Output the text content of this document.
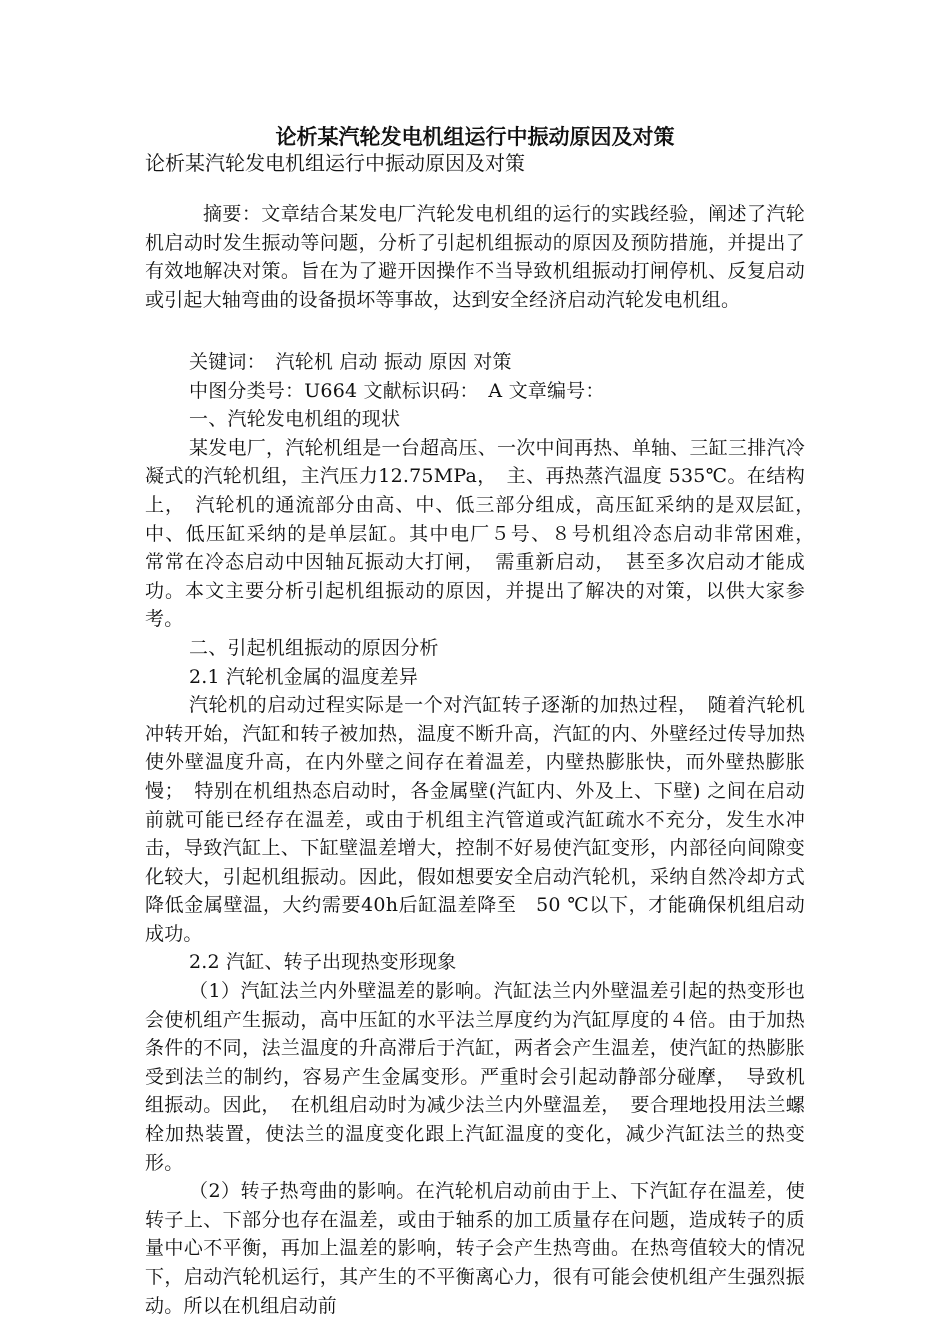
论析某汽轮发电机组运行中振动原因及对策

论析某汽轮发电机组运行中振动原因及对策

摘要：文章结合某发电厂汽轮发电机组的运行的实践经验，阐述了汽轮机启动时发生振动等问题，分析了引起机组振动的原因及预防措施，并提出了有效地解决对策。旨在为了避开因操作不当导致机组振动打闸停机、反复启动或引起大轴弯曲的设备损坏等事故，达到安全经济启动汽轮发电机组。

关键词：　汽轮机 启动 振动 原因 对策
中图分类号：U664 文献标识码：　A 文章编号：
一、汽轮发电机组的现状
某发电厂，汽轮机组是一台超高压、一次中间再热、单轴、三缸三排汽冷凝式的汽轮机组，主汽压力12.75MPa，　主、再热蒸汽温度 535℃。在结构上，　汽轮机的通流部分由高、中、低三部分组成，高压缸采纳的是双层缸，　中、低压缸采纳的是单层缸。其中电厂５号、８号机组冷态启动非常困难，　常常在冷态启动中因轴瓦振动大打闸，　需重新启动，　甚至多次启动才能成功。本文主要分析引起机组振动的原因，并提出了解决的对策，以供大家参考。
二、引起机组振动的原因分析
2.1 汽轮机金属的温度差异
汽轮机的启动过程实际是一个对汽缸转子逐渐的加热过程，　随着汽轮机冲转开始，汽缸和转子被加热，温度不断升高，汽缸的内、外壁经过传导加热使外壁温度升高，在内外壁之间存在着温差，内壁热膨胀快，而外壁热膨胀慢；　特别在机组热态启动时，各金属壁(汽缸内、外及上、下壁) 之间在启动前就可能已经存在温差，或由于机组主汽管道或汽缸疏水不充分，发生水冲击，导致汽缸上、下缸壁温差增大，控制不好易使汽缸变形，内部径向间隙变化较大，引起机组振动。因此，假如想要安全启动汽轮机，采纳自然冷却方式降低金属壁温，大约需要40h后缸温差降至　50 ℃以下，才能确保机组启动成功。
2.2 汽缸、转子出现热变形现象
（1）汽缸法兰内外壁温差的影响。汽缸法兰内外壁温差引起的热变形也会使机组产生振动，高中压缸的水平法兰厚度约为汽缸厚度的４倍。由于加热条件的不同，法兰温度的升高滞后于汽缸，两者会产生温差，使汽缸的热膨胀受到法兰的制约，容易产生金属变形。严重时会引起动静部分碰摩，　导致机组振动。因此，　在机组启动时为减少法兰内外壁温差，　要合理地投用法兰螺栓加热装置，使法兰的温度变化跟上汽缸温度的变化，减少汽缸法兰的热变形。
（2）转子热弯曲的影响。在汽轮机启动前由于上、下汽缸存在温差，使转子上、下部分也存在温差，或由于轴系的加工质量存在问题，造成转子的质量中心不平衡，再加上温差的影响，转子会产生热弯曲。在热弯值较大的情况下，启动汽轮机运行，其产生的不平衡离心力，很有可能会使机组产生强烈振动。所以在机组启动前
